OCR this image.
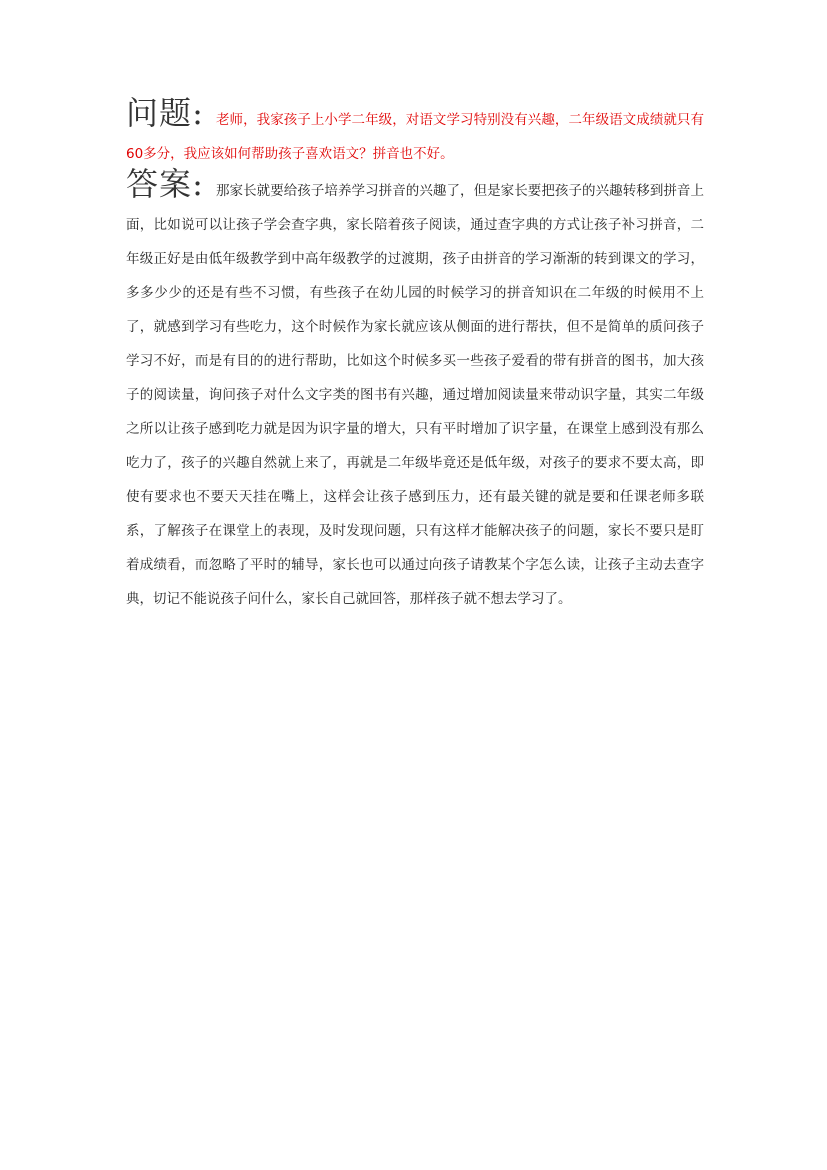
问题: 老师，我家孩子上小学二年级，对语文学习特别没有兴趣，二年级语文成绩就只有60多分，我应该如何帮助孩子喜欢语文？拼音也不好。

答案: 那家长就要给孩子培养学习拼音的兴趣了，但是家长要把孩子的兴趣转移到拼音上面，比如说可以让孩子学会查字典，家长陪着孩子阅读，通过查字典的方式让孩子补习拼音，二年级正好是由低年级教学到中高年级教学的过渡期，孩子由拼音的学习渐渐的转到课文的学习，多多少少的还是有些不习惯，有些孩子在幼儿园的时候学习的拼音知识在二年级的时候用不上了，就感到学习有些吃力，这个时候作为家长就应该从侧面的进行帮扶，但不是简单的质问孩子学习不好，而是有目的的进行帮助，比如这个时候多买一些孩子爱看的带有拼音的图书，加大孩子的阅读量，询问孩子对什么文字类的图书有兴趣，通过增加阅读量来带动识字量，其实二年级之所以让孩子感到吃力就是因为识字量的增大，只有平时增加了识字量，在课堂上感到没有那么吃力了，孩子的兴趣自然就上来了，再就是二年级毕竟还是低年级，对孩子的要求不要太高，即使有要求也不要天天挂在嘴上，这样会让孩子感到压力，还有最关键的就是要和任课老师多联系，了解孩子在课堂上的表现，及时发现问题，只有这样才能解决孩子的问题，家长不要只是盯着成绩看，而忽略了平时的辅导，家长也可以通过向孩子请教某个字怎么读，让孩子主动去查字典，切记不能说孩子问什么，家长自己就回答，那样孩子就不想去学习了。
